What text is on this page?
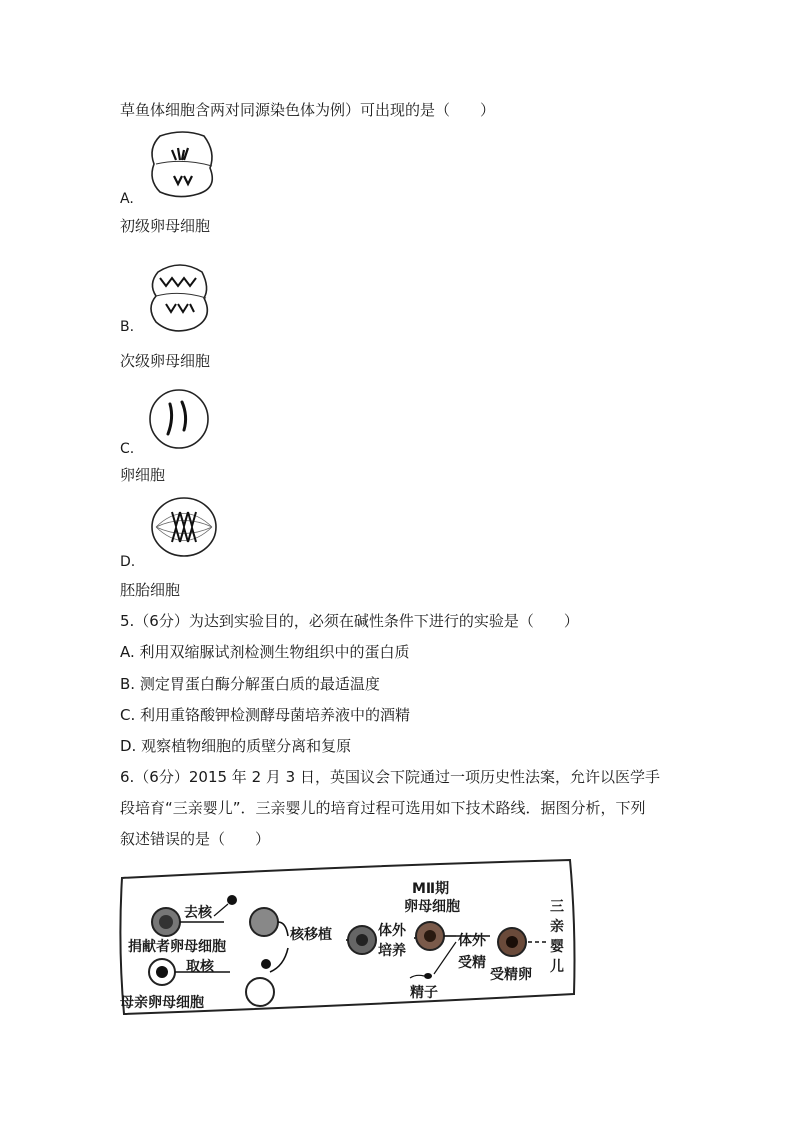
草鱼体细胞含两对同源染色体为例）可出现的是（　　）
A.
初级卵母细胞
B.
次级卵母细胞
C.
卵细胞
D.
胚胎细胞
5.（6分）为达到实验目的，必须在碱性条件下进行的实验是（　　）
A. 利用双缩脲试剂检测生物组织中的蛋白质
B. 测定胃蛋白酶分解蛋白质的最适温度
C. 利用重铬酸钾检测酵母菌培养液中的酒精
D. 观察植物细胞的质壁分离和复原
6.（6分）2015 年 2 月 3 日，英国议会下院通过一项历史性法案，允许以医学手
段培育“三亲婴儿”．三亲婴儿的培育过程可选用如下技术路线．据图分析，下列
叙述错误的是（　　）
去核
捐献者卵母细胞
取核
母亲卵母细胞
核移植	体外
培养
MⅡ期
卵母细胞
体外
受精
精子
受精卵
三
亲
婴
儿
